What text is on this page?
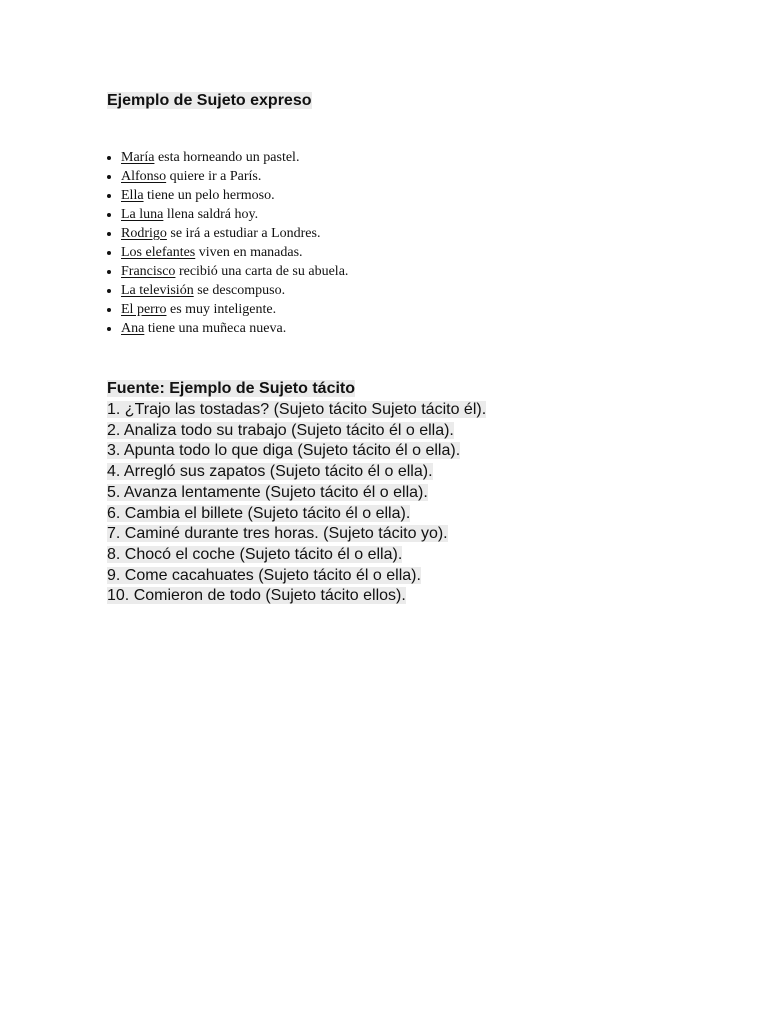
Ejemplo de Sujeto expreso
• María esta horneando un pastel.
• Alfonso quiere ir a París.
• Ella tiene un pelo hermoso.
• La luna llena saldrá hoy.
• Rodrigo se irá a estudiar a Londres.
• Los elefantes viven en manadas.
• Francisco recibió una carta de su abuela.
• La televisión se descompuso.
• El perro es muy inteligente.
• Ana tiene una muñeca nueva.
Fuente: Ejemplo de Sujeto tácito
1. ¿Trajo las tostadas? (Sujeto tácito Sujeto tácito él).
2. Analiza todo su trabajo (Sujeto tácito él o ella).
3. Apunta todo lo que diga (Sujeto tácito él o ella).
4. Arregló sus zapatos (Sujeto tácito él o ella).
5. Avanza lentamente (Sujeto tácito él o ella).
6. Cambia el billete (Sujeto tácito él o ella).
7. Caminé durante tres horas. (Sujeto tácito yo).
8. Chocó el coche (Sujeto tácito él o ella).
9. Come cacahuates (Sujeto tácito él o ella).
10. Comieron de todo (Sujeto tácito ellos).
